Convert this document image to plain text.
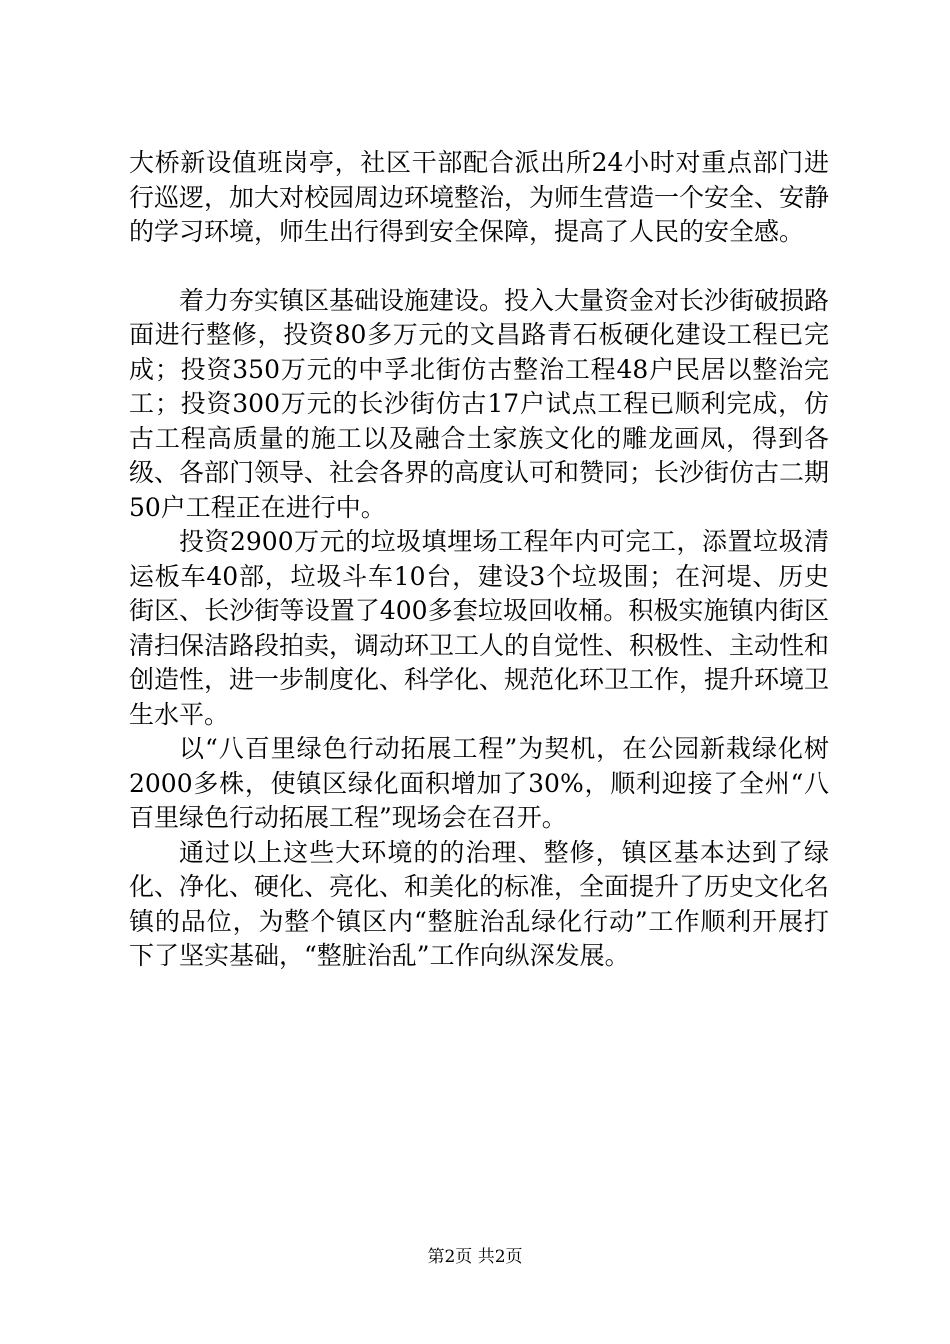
大桥新设值班岗亭，社区干部配合派出所24小时对重点部门进行巡逻，加大对校园周边环境整治，为师生营造一个安全、安静的学习环境，师生出行得到安全保障，提高了人民的安全感。

着力夯实镇区基础设施建设。投入大量资金对长沙街破损路面进行整修，投资80多万元的文昌路青石板硬化建设工程已完成；投资350万元的中孚北街仿古整治工程48户民居以整治完工；投资300万元的长沙街仿古17户试点工程已顺利完成，仿古工程高质量的施工以及融合土家族文化的雕龙画凤，得到各级、各部门领导、社会各界的高度认可和赞同；长沙街仿古二期50户工程正在进行中。

投资2900万元的垃圾填埋场工程年内可完工，添置垃圾清运板车40部，垃圾斗车10台，建设3个垃圾围；在河堤、历史街区、长沙街等设置了400多套垃圾回收桶。积极实施镇内街区清扫保洁路段拍卖，调动环卫工人的自觉性、积极性、主动性和创造性，进一步制度化、科学化、规范化环卫工作，提升环境卫生水平。

以“八百里绿色行动拓展工程”为契机，在公园新栽绿化树2000多株，使镇区绿化面积增加了30%，顺利迎接了全州“八百里绿色行动拓展工程”现场会在召开。

通过以上这些大环境的的治理、整修，镇区基本达到了绿化、净化、硬化、亮化、和美化的标准，全面提升了历史文化名镇的品位，为整个镇区内“整脏治乱绿化行动”工作顺利开展打下了坚实基础，“整脏治乱”工作向纵深发展。

第2页 共2页
